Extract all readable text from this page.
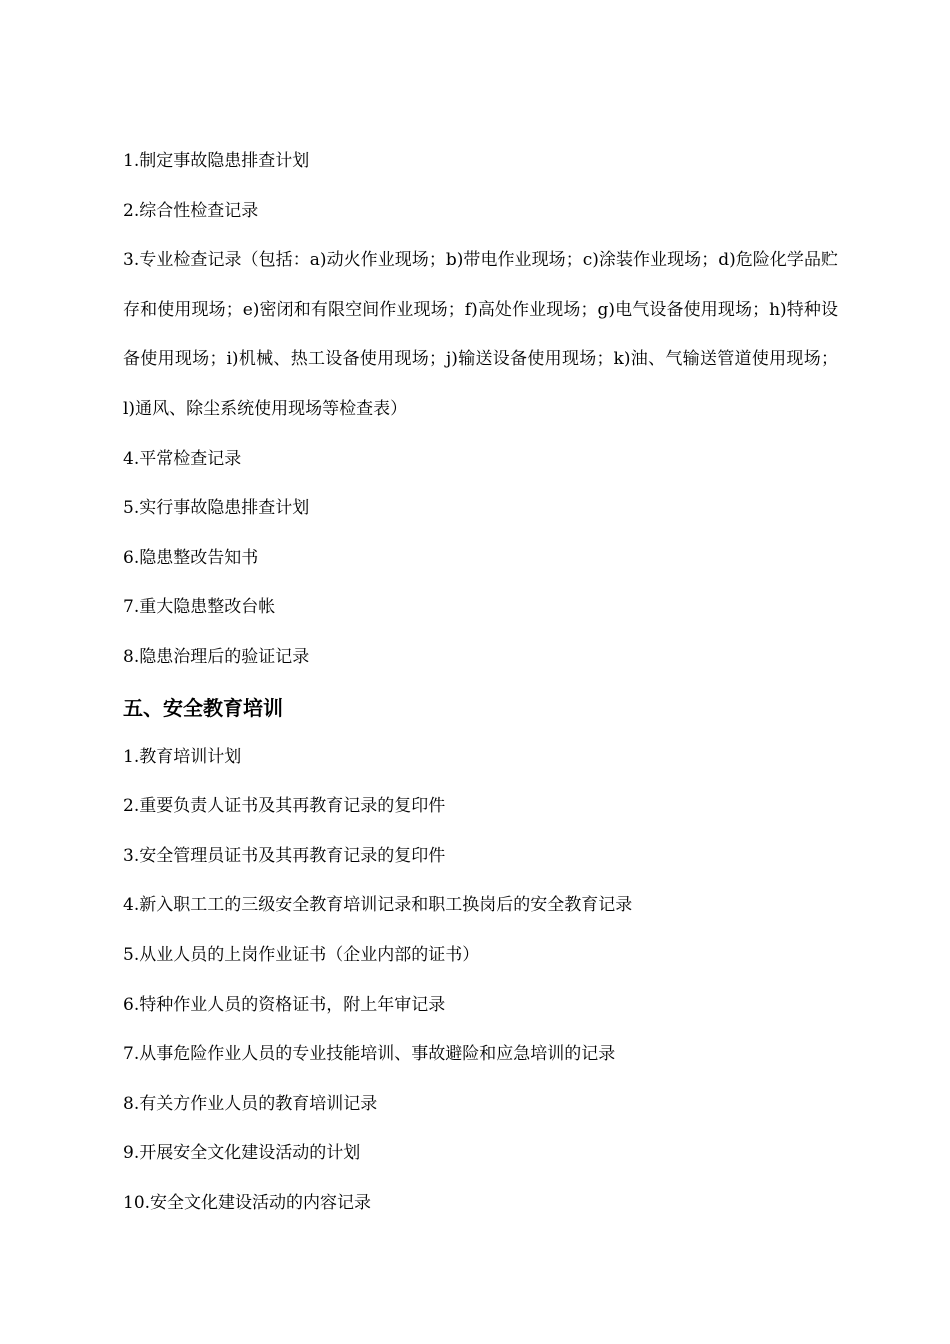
1.制定事故隐患排查计划

2.综合性检查记录

3.专业检查记录（包括：a)动火作业现场；b)带电作业现场；c)涂装作业现场；d)危险化学品贮存和使用现场；e)密闭和有限空间作业现场；f)高处作业现场；g)电气设备使用现场；h)特种设备使用现场；i)机械、热工设备使用现场；j)输送设备使用现场；k)油、气输送管道使用现场；l)通风、除尘系统使用现场等检查表）

4.平常检查记录

5.实行事故隐患排查计划

6.隐患整改告知书

7.重大隐患整改台帐

8.隐患治理后的验证记录

五、安全教育培训

1.教育培训计划

2.重要负责人证书及其再教育记录的复印件

3.安全管理员证书及其再教育记录的复印件

4.新入职工工的三级安全教育培训记录和职工换岗后的安全教育记录

5.从业人员的上岗作业证书（企业内部的证书）

6.特种作业人员的资格证书，附上年审记录

7.从事危险作业人员的专业技能培训、事故避险和应急培训的记录

8.有关方作业人员的教育培训记录

9.开展安全文化建设活动的计划

10.安全文化建设活动的内容记录
